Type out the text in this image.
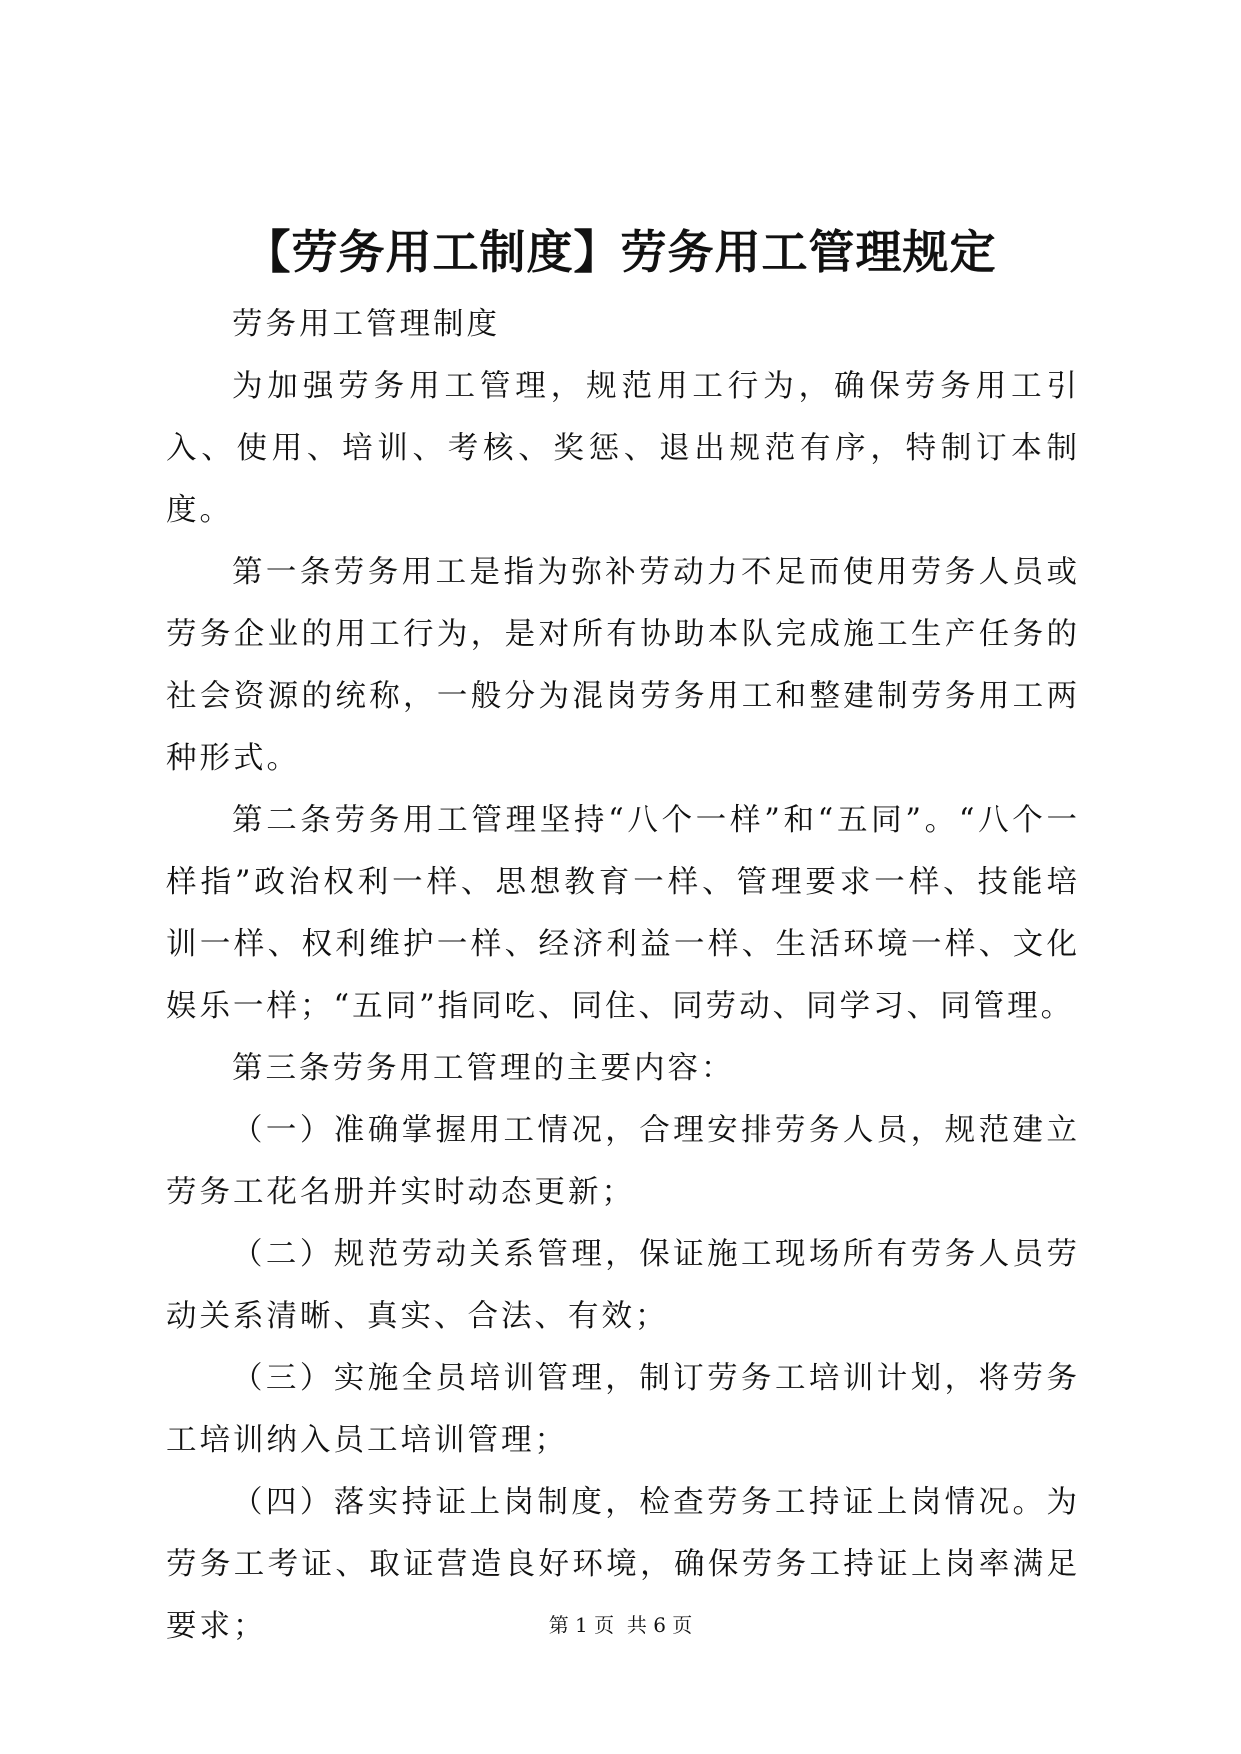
【劳务用工制度】劳务用工管理规定

劳务用工管理制度

为加强劳务用工管理，规范用工行为，确保劳务用工引入、使用、培训、考核、奖惩、退出规范有序，特制订本制度。

第一条劳务用工是指为弥补劳动力不足而使用劳务人员或劳务企业的用工行为，是对所有协助本队完成施工生产任务的社会资源的统称，一般分为混岗劳务用工和整建制劳务用工两种形式。

第二条劳务用工管理坚持“八个一样”和“五同”。“八个一样指”政治权利一样、思想教育一样、管理要求一样、技能培训一样、权利维护一样、经济利益一样、生活环境一样、文化娱乐一样；“五同”指同吃、同住、同劳动、同学习、同管理。

第三条劳务用工管理的主要内容：

（一）准确掌握用工情况，合理安排劳务人员，规范建立劳务工花名册并实时动态更新；

（二）规范劳动关系管理，保证施工现场所有劳务人员劳动关系清晰、真实、合法、有效；

（三）实施全员培训管理，制订劳务工培训计划，将劳务工培训纳入员工培训管理；

（四）落实持证上岗制度，检查劳务工持证上岗情况。为劳务工考证、取证营造良好环境，确保劳务工持证上岗率满足要求；	第 1 页  共 6 页
